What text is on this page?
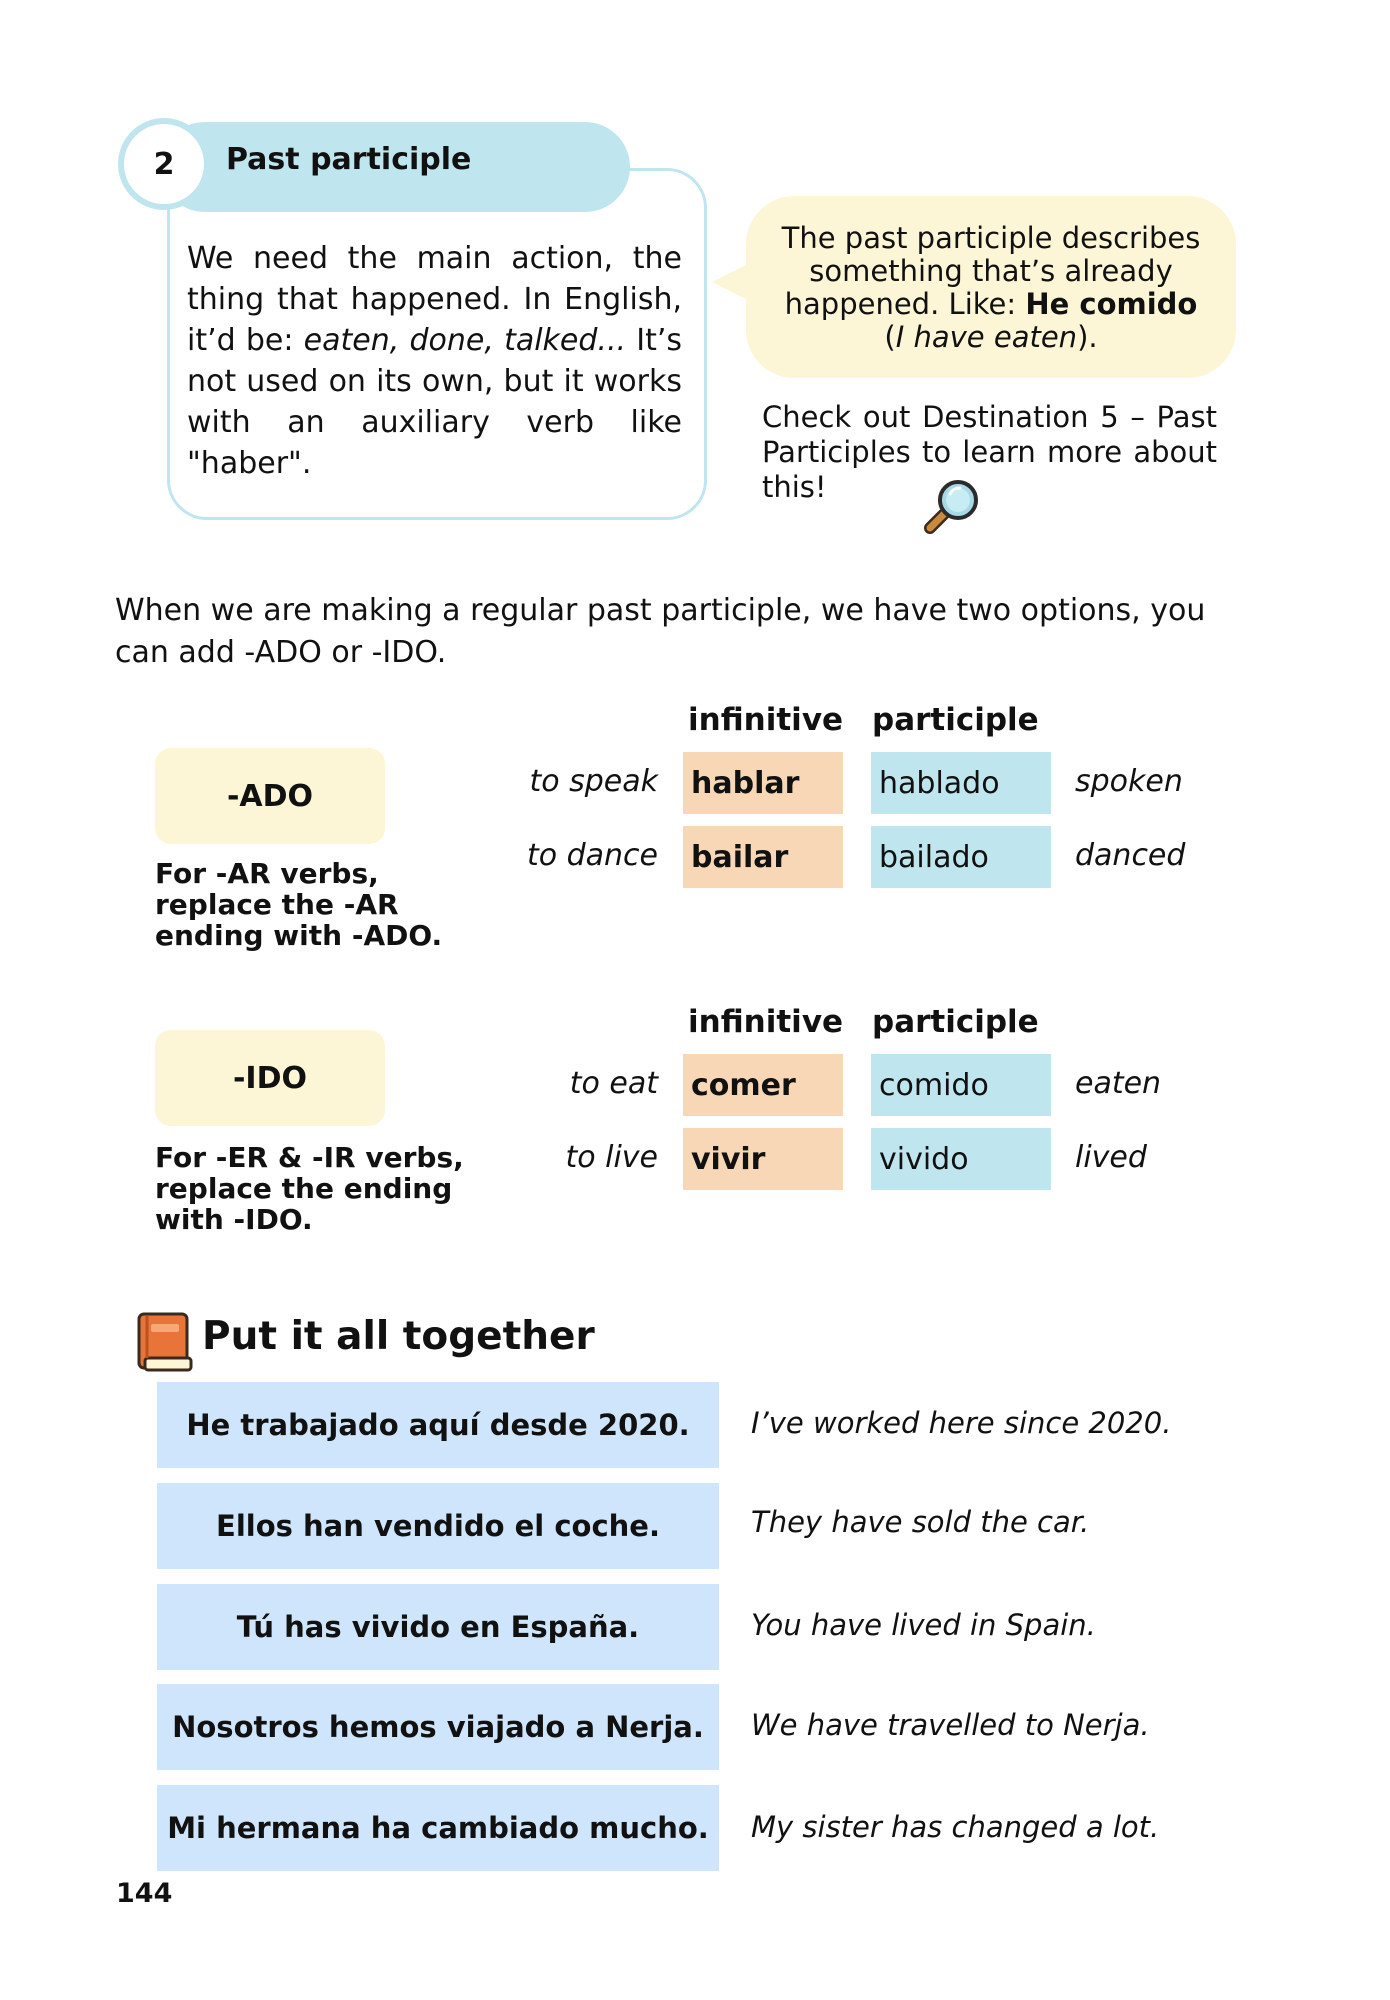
2 Past participle
We need the main action, the thing that happened. In English, it’d be: eaten, done, talked... It’s not used on its own, but it works with an auxiliary verb like "haber".
The past participle describes something that’s already happened. Like: He comido
(I have eaten).
Check out Destination 5 – Past Participles to learn more about this!
When we are making a regular past participle, we have two options, you can add -ADO or -IDO.
-ADO
For -AR verbs, replace the -AR ending with -ADO.
infinitive participle
to speak hablar	hablado	spoken
to dance bailar	bailado	danced
-IDO
For -ER & -IR verbs, replace the ending with -IDO.
infinitive participle
to eat comer	comido	eaten
to live vivir	vivido	lived
Put it all together
He trabajado aquí desde 2020. I’ve worked here since 2020.
Ellos han vendido el coche.	They have sold the car.
Tú has vivido en España.	You have lived in Spain.
Nosotros hemos viajado a Nerja. We have travelled to Nerja.
Mi hermana ha cambiado mucho. My sister has changed a lot.
144
